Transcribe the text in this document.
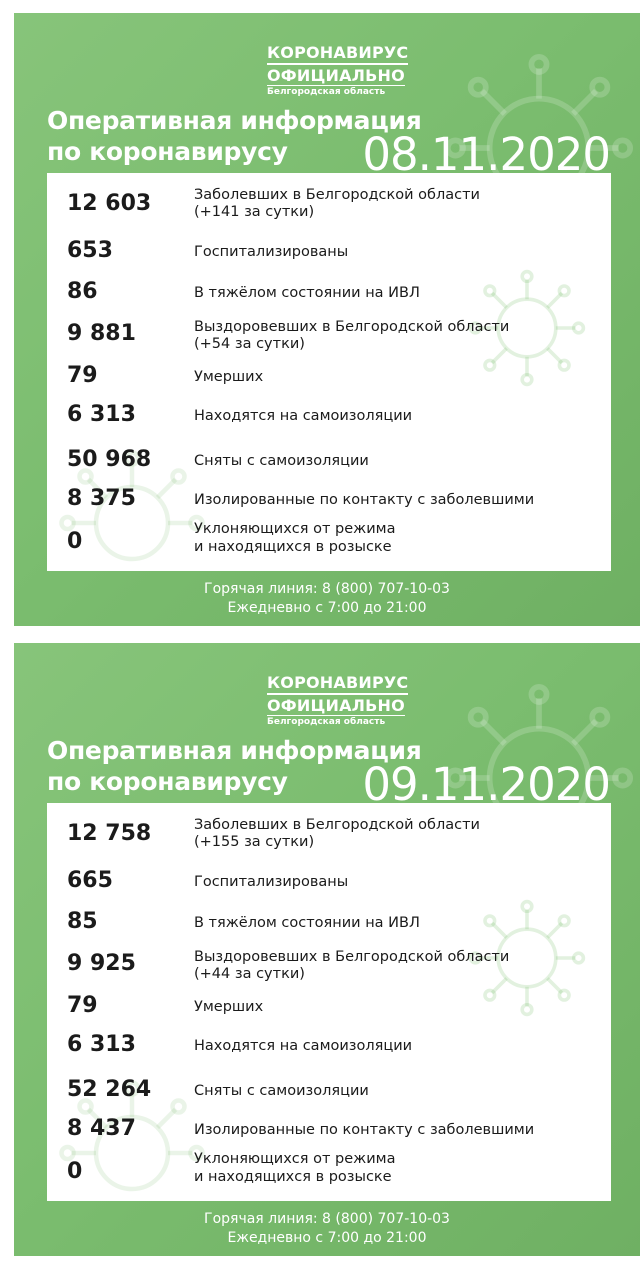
КОРОНАВИРУС
ОФИЦИАЛЬНО
Белгородская область
Оперативная информация
по коронавирусу	08.11.2020
12 603	Заболевших в Белгородской области
(+141 за сутки)
653	Госпитализированы
86	В тяжёлом состоянии на ИВЛ
9 881	Выздоровевших в Белгородской области
(+54 за сутки)
79	Умерших
6 313	Находятся на самоизоляции
50 968	Сняты с самоизоляции
8 375	Изолированные по контакту с заболевшими
0	Уклоняющихся от режима
и находящихся в розыске
Горячая линия: 8 (800) 707-10-03
Ежедневно с 7:00 до 21:00
КОРОНАВИРУС
ОФИЦИАЛЬНО
Белгородская область
Оперативная информация
по коронавирусу	09.11.2020
12 758	Заболевших в Белгородской области
(+155 за сутки)
665	Госпитализированы
85	В тяжёлом состоянии на ИВЛ
9 925	Выздоровевших в Белгородской области
(+44 за сутки)
79	Умерших
6 313	Находятся на самоизоляции
52 264	Сняты с самоизоляции
8 437	Изолированные по контакту с заболевшими
0	Уклоняющихся от режима
и находящихся в розыске
Горячая линия: 8 (800) 707-10-03
Ежедневно с 7:00 до 21:00
